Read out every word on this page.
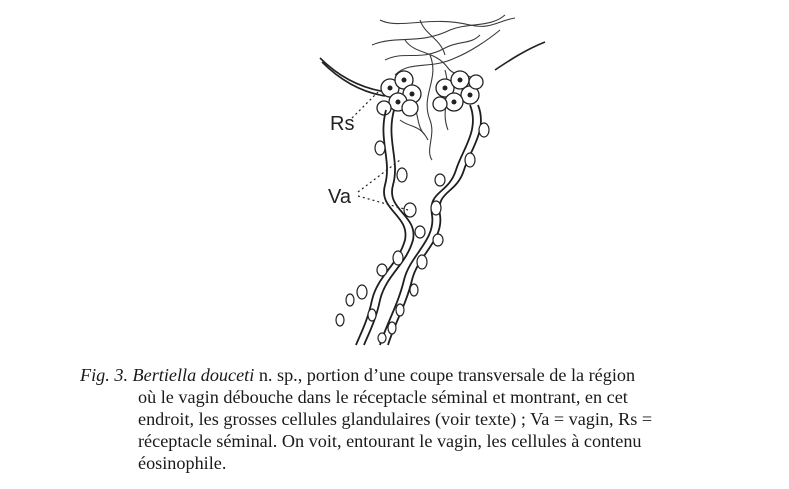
Rs
Va
Fig. 3. Bertiella douceti n. sp., portion d’une coupe transversale de la région
où le vagin débouche dans le réceptacle séminal et montrant, en cet
endroit, les grosses cellules glandulaires (voir texte) ; Va = vagin, Rs =
réceptacle séminal. On voit, entourant le vagin, les cellules à contenu
éosinophile.
